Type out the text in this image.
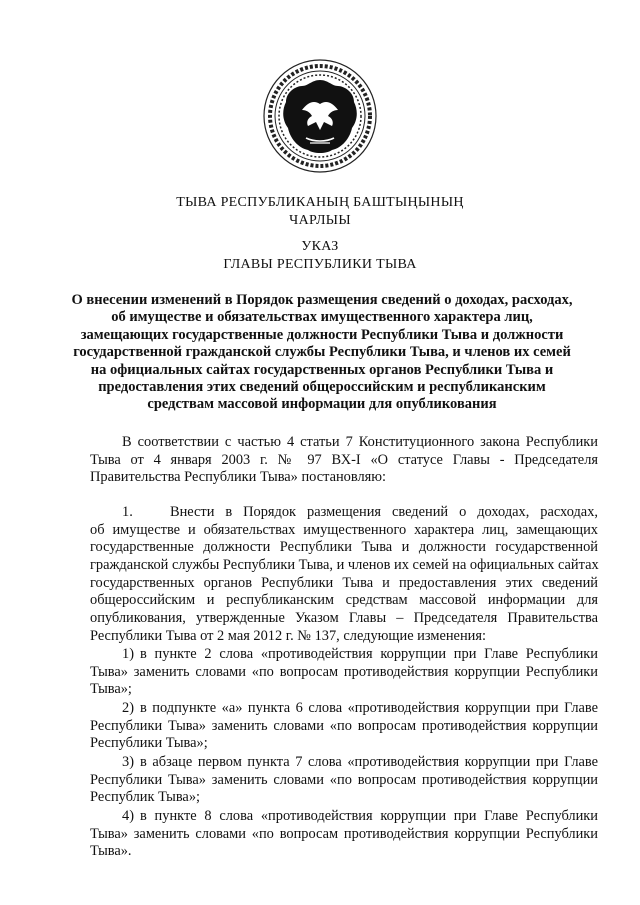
ТЫВА РЕСПУБЛИКАНЫҢ БАШТЫҢЫНЫҢ
ЧАРЛЫЫ
УКАЗ
ГЛАВЫ РЕСПУБЛИКИ ТЫВА
О внесении изменений в Порядок размещения сведений о доходах, расходах,
об имуществе и обязательствах имущественного характера лиц,
замещающих государственные должности Республики Тыва и должности
государственной гражданской службы Республики Тыва, и членов их семей
на официальных сайтах государственных органов Республики Тыва и
предоставления этих сведений общероссийским и республиканским
средствам массовой информации для опубликования
В соответствии с частью 4 статьи 7 Конституционного закона Республики
Тыва от 4 января 2003 г. № 97 ВХ-І «О статусе Главы - Председателя
Правительства Республики Тыва» постановляю:
1.	Внести в Порядок размещения сведений о доходах, расходах,
об имуществе и обязательствах имущественного характера лиц, замещающих
государственные должности Республики Тыва и должности государственной
гражданской службы Республики Тыва, и членов их семей на официальных сайтах
государственных органов Республики Тыва и предоставления этих сведений
общероссийским и республиканским средствам массовой информации для
опубликования, утвержденные Указом Главы – Председателя Правительства
Республики Тыва от 2 мая 2012 г. № 137, следующие изменения:
1) в пункте 2 слова «противодействия коррупции при Главе Республики
Тыва» заменить словами «по вопросам противодействия коррупции Республики
Тыва»;
2) в подпункте «а» пункта 6 слова «противодействия коррупции при Главе
Республики Тыва» заменить словами «по вопросам противодействия коррупции
Республики Тыва»;
3) в абзаце первом пункта 7 слова «противодействия коррупции при Главе
Республики Тыва» заменить словами «по вопросам противодействия коррупции
Республик Тыва»;
4) в пункте 8 слова «противодействия коррупции при Главе Республики
Тыва» заменить словами «по вопросам противодействия коррупции Республики
Тыва».
